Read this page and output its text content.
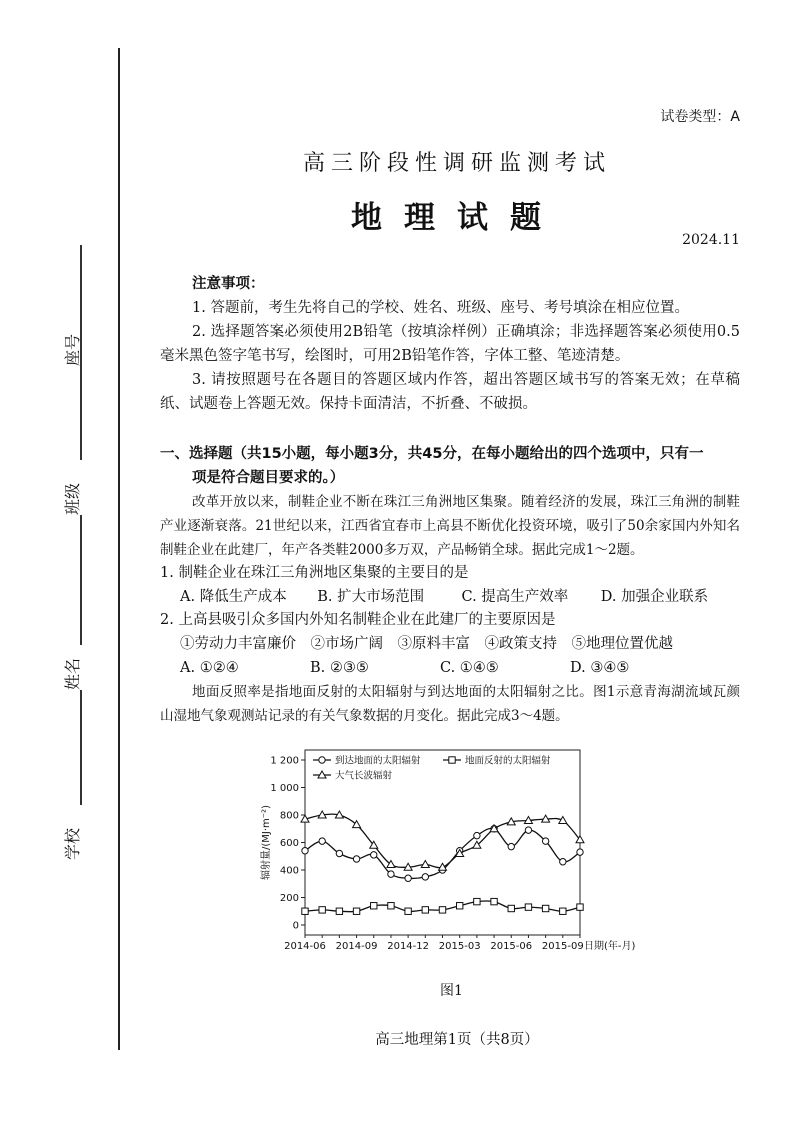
学校
姓名
班级
座号
试卷类型：A
高三阶段性调研监测考试
地理试题
2024.11
注意事项：

1. 答题前，考生先将自己的学校、姓名、班级、座号、考号填涂在相应位置。

2. 选择题答案必须使用2B铅笔（按填涂样例）正确填涂；非选择题答案必须使用0.5毫米黑色签字笔书写，绘图时，可用2B铅笔作答，字体工整、笔迹清楚。

3. 请按照题号在各题目的答题区域内作答，超出答题区域书写的答案无效；在草稿纸、试题卷上答题无效。保持卡面清洁，不折叠、不破损。

一、选择题（共15小题，每小题3分，共45分，在每小题给出的四个选项中，只有一
项是符合题目要求的。）
改革开放以来，制鞋企业不断在珠江三角洲地区集聚。随着经济的发展，珠江三角洲的制鞋产业逐渐衰落。21世纪以来，江西省宜春市上高县不断优化投资环境，吸引了50余家国内外知名制鞋企业在此建厂，年产各类鞋2000多万双，产品畅销全球。据此完成1～2题。
1. 制鞋企业在珠江三角洲地区集聚的主要目的是
A. 降低生产成本	B. 扩大市场范围	C. 提高生产效率	D. 加强企业联系
2. 上高县吸引众多国内外知名制鞋企业在此建厂的主要原因是
①劳动力丰富廉价　②市场广阔　③原料丰富　④政策支持　⑤地理位置优越
A. ①②④	B. ②③⑤	C. ①④⑤	D. ③④⑤
地面反照率是指地面反射的太阳辐射与到达地面的太阳辐射之比。图1示意青海湖流域瓦颜山湿地气象观测站记录的有关气象数据的月变化。据此完成3～4题。
0
200
400
600
800
1 000
1 200
辐射量/(MJ·m⁻²)
2014-06 2014-09 2014-12 2015-03 2015-06 2015-09 日期(年-月)
到达地面的太阳辐射	地面反射的太阳辐射
大气长波辐射
图1
高三地理第1页（共8页）
